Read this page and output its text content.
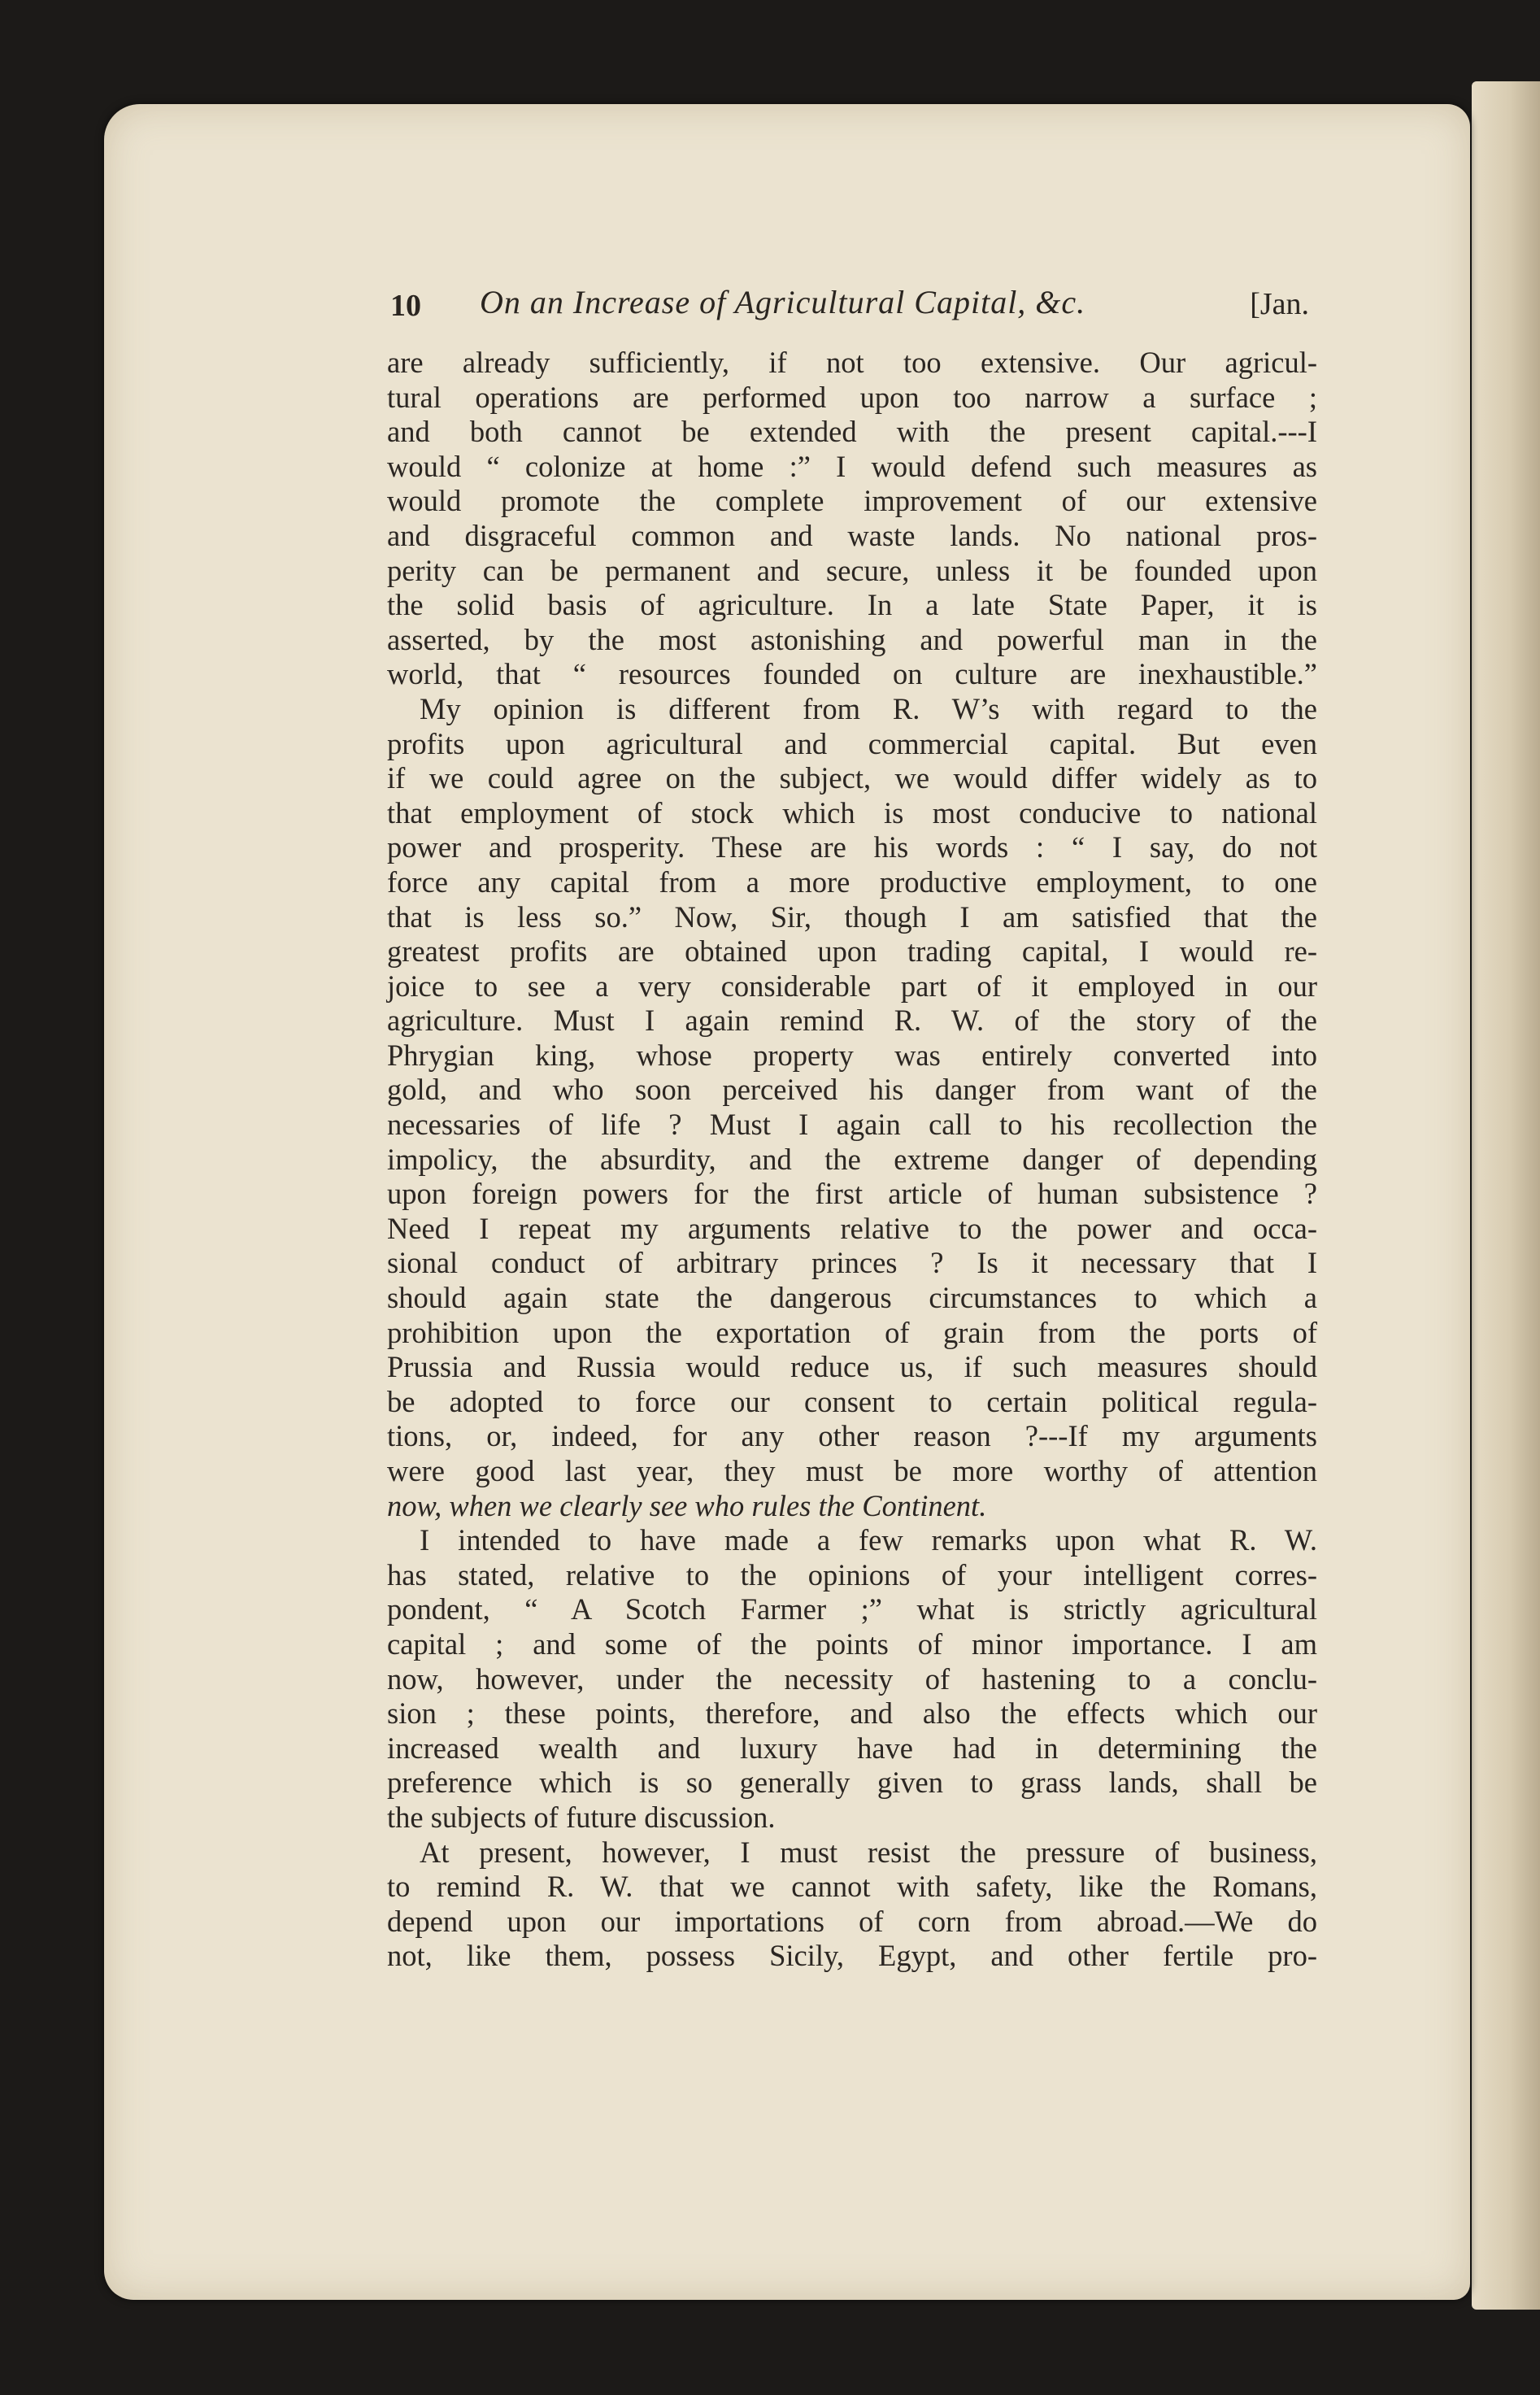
10 On an Increase of Agricultural Capital, &c.	[Jan.
are already sufficiently, if not too extensive. Our agricul-
tural operations are performed upon too narrow a surface ;
and both cannot be extended with the present capital.---I
would “ colonize at home :” I would defend such measures as
would promote the complete improvement of our extensive
and disgraceful common and waste lands. No national pros-
perity can be permanent and secure, unless it be founded upon
the solid basis of agriculture. In a late State Paper, it is
asserted, by the most astonishing and powerful man in the
world, that “ resources founded on culture are inexhaustible.”
My opinion is different from R. W’s with regard to the
profits upon agricultural and commercial capital. But even
if we could agree on the subject, we would differ widely as to
that employment of stock which is most conducive to national
power and prosperity. These are his words : “ I say, do not
force any capital from a more productive employment, to one
that is less so.” Now, Sir, though I am satisfied that the
greatest profits are obtained upon trading capital, I would re-
joice to see a very considerable part of it employed in our
agriculture. Must I again remind R. W. of the story of the
Phrygian king, whose property was entirely converted into
gold, and who soon perceived his danger from want of the
necessaries of life ? Must I again call to his recollection the
impolicy, the absurdity, and the extreme danger of depending
upon foreign powers for the first article of human subsistence ?
Need I repeat my arguments relative to the power and occa-
sional conduct of arbitrary princes ? Is it necessary that I
should again state the dangerous circumstances to which a
prohibition upon the exportation of grain from the ports of
Prussia and Russia would reduce us, if such measures should
be adopted to force our consent to certain political regula-
tions, or, indeed, for any other reason ?---If my arguments
were good last year, they must be more worthy of attention
now, when we clearly see who rules the Continent.
I intended to have made a few remarks upon what R. W.
has stated, relative to the opinions of your intelligent corres-
pondent, “ A Scotch Farmer ;” what is strictly agricultural
capital ; and some of the points of minor importance. I am
now, however, under the necessity of hastening to a conclu-
sion ; these points, therefore, and also the effects which our
increased wealth and luxury have had in determining the
preference which is so generally given to grass lands, shall be
the subjects of future discussion.
At present, however, I must resist the pressure of business,
to remind R. W. that we cannot with safety, like the Romans,
depend upon our importations of corn from abroad.—We do
not, like them, possess Sicily, Egypt, and other fertile pro-
